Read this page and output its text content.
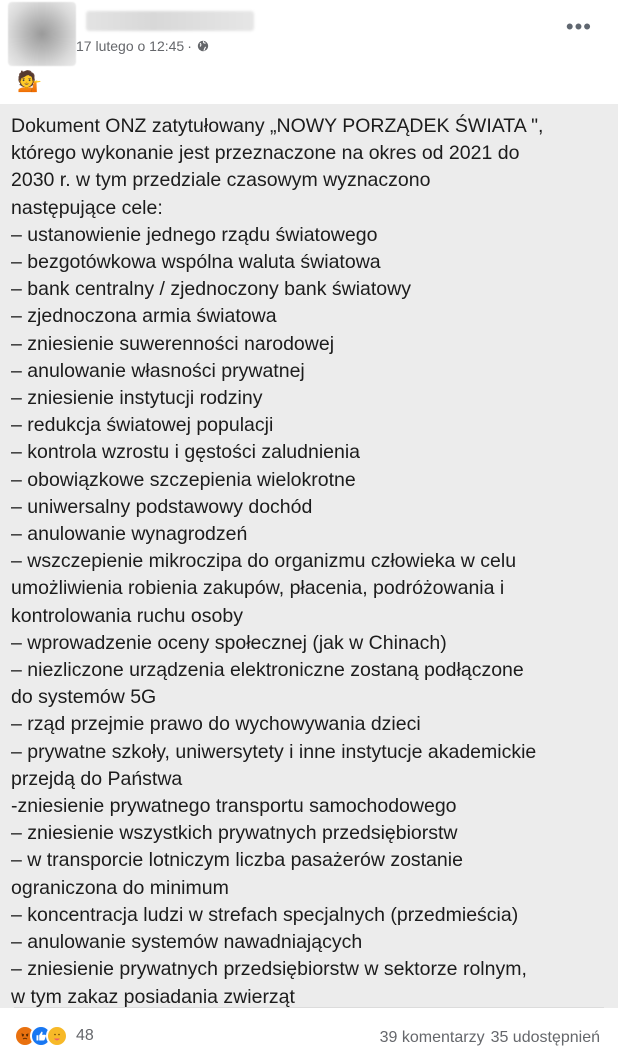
17 lutego o 12:45 ·
•••
💁
Dokument ONZ zatytułowany „NOWY PORZĄDEK ŚWIATA ",
którego wykonanie jest przeznaczone na okres od 2021 do
2030 r. w tym przedziale czasowym wyznaczono
następujące cele:
– ustanowienie jednego rządu światowego
– bezgotówkowa wspólna waluta światowa
– bank centralny / zjednoczony bank światowy
– zjednoczona armia światowa
– zniesienie suwerenności narodowej
– anulowanie własności prywatnej
– zniesienie instytucji rodziny
– redukcja światowej populacji
– kontrola wzrostu i gęstości zaludnienia
– obowiązkowe szczepienia wielokrotne
– uniwersalny podstawowy dochód
– anulowanie wynagrodzeń
– wszczepienie mikroczipa do organizmu człowieka w celu
umożliwienia robienia zakupów, płacenia, podróżowania i
kontrolowania ruchu osoby
– wprowadzenie oceny społecznej (jak w Chinach)
– niezliczone urządzenia elektroniczne zostaną podłączone
do systemów 5G
– rząd przejmie prawo do wychowywania dzieci
– prywatne szkoły, uniwersytety i inne instytucje akademickie
przejdą do Państwa
-zniesienie prywatnego transportu samochodowego
– zniesienie wszystkich prywatnych przedsiębiorstw
– w transporcie lotniczym liczba pasażerów zostanie
ograniczona do minimum
– koncentracja ludzi w strefach specjalnych (przedmieścia)
– anulowanie systemów nawadniających
– zniesienie prywatnych przedsiębiorstw w sektorze rolnym,
w tym zakaz posiadania zwierząt
48	39 komentarzy 35 udostępnień
